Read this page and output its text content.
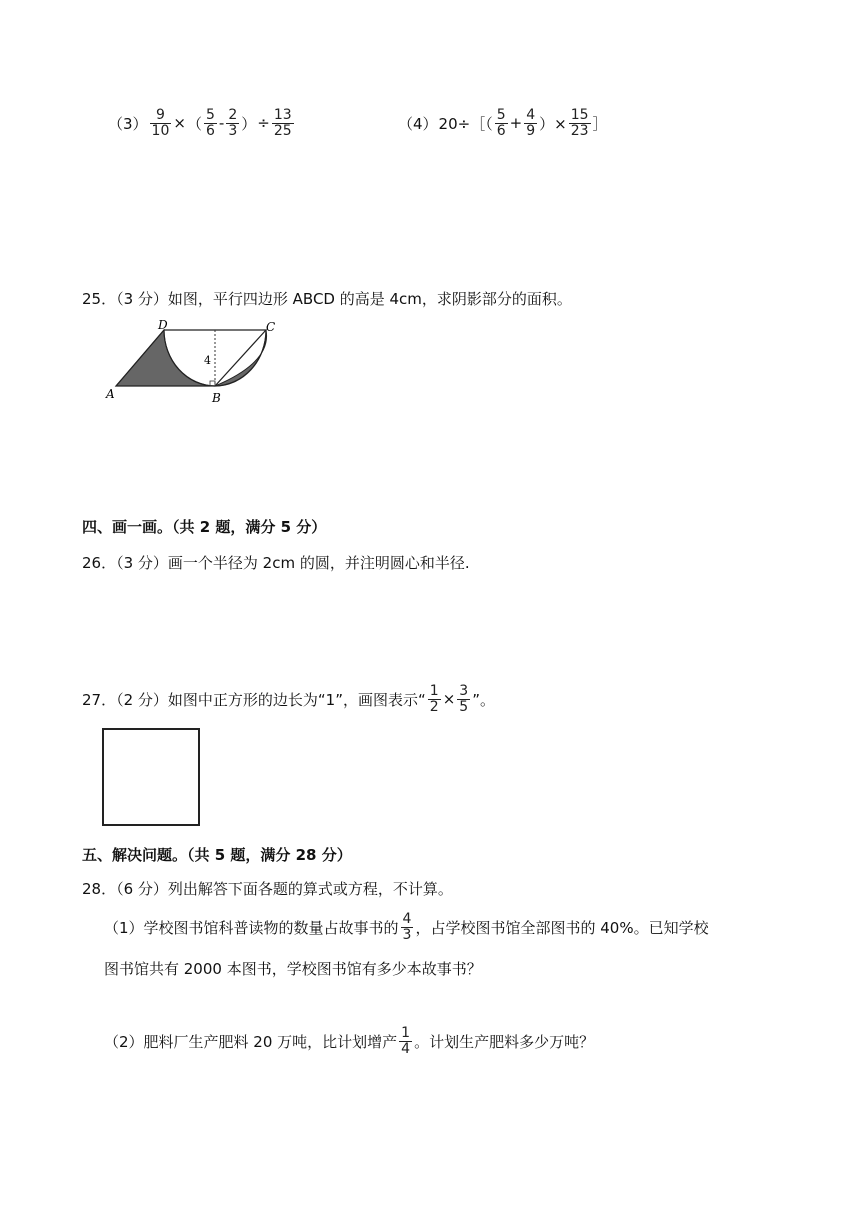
$(3) \frac{9}{10}$ × （ $\frac{5}{6} - \frac{2}{3}$ ） ÷ $\frac{13}{25}$	（4） 20÷［（ $\frac{5}{6} + \frac{4}{9}$ ）× $\frac{15}{23}$ ］
25．（3 分）如图，平行四边形 ABCD 的高是 4cm，求阴影部分的面积。
4
A	B
C
D
四、画一画。（共 2 题，满分 5 分）
26．（3 分）画一个半径为 2cm 的圆，并注明圆心和半径.
27．（2 分）如图中正方形的边长为“1”，画图表示“ $\frac{1}{2} \times \frac{3}{5}$ ”。
五、解决问题。（共 5 题，满分 28 分）
28．（6 分）列出解答下面各题的算式或方程，不计算。
（1）学校图书馆科普读物的数量占故事书的 $\frac{4}{3}$ ，占学校图书馆全部图书的 40%。已知学校
图书馆共有 2000 本图书，学校图书馆有多少本故事书？
（2）肥料厂生产肥料 20 万吨，比计划增产 $\frac{1}{4}$ 。计划生产肥料多少万吨？
